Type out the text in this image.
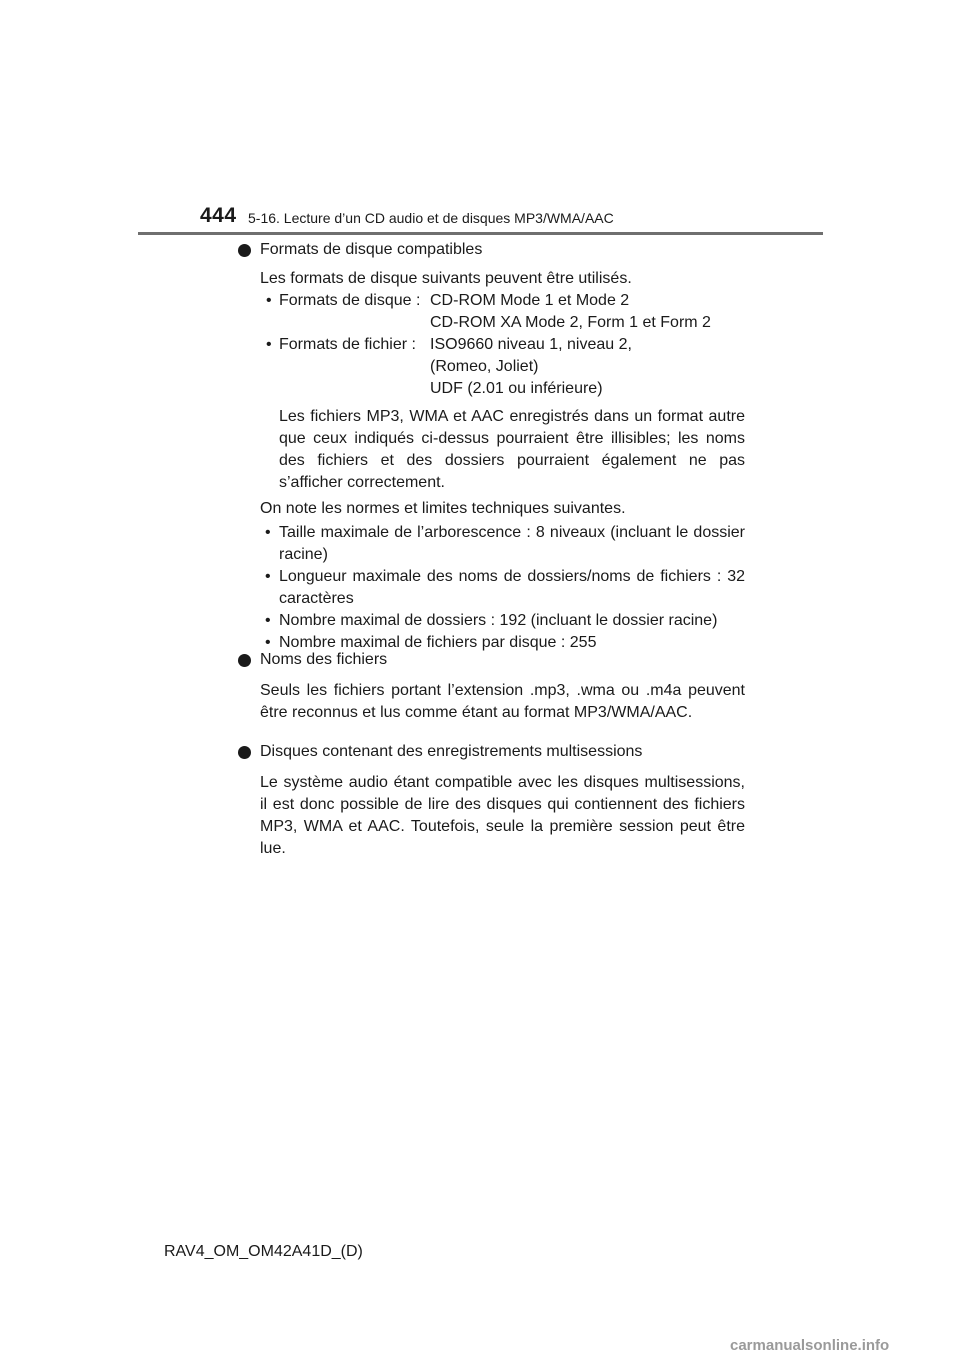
444 5-16. Lecture d’un CD audio et de disques MP3/WMA/AAC
Formats de disque compatibles
Les formats de disque suivants peuvent être utilisés.
• Formats de disque : CD-ROM Mode 1 et Mode 2
CD-ROM XA Mode 2, Form 1 et Form 2
• Formats de fichier : ISO9660 niveau 1, niveau 2,
(Romeo, Joliet)
UDF (2.01 ou inférieure)
Les fichiers MP3, WMA et AAC enregistrés dans un format autre que ceux indiqués ci-dessus pourraient être illisibles; les noms des fichiers et des dossiers pourraient également ne pas s’afficher correctement.
On note les normes et limites techniques suivantes.
• Taille maximale de l’arborescence : 8 niveaux (incluant le dossier racine)
• Longueur maximale des noms de dossiers/noms de fichiers : 32 caractères
• Nombre maximal de dossiers : 192 (incluant le dossier racine)
• Nombre maximal de fichiers par disque : 255
Noms des fichiers
Seuls les fichiers portant l’extension .mp3, .wma ou .m4a peuvent être reconnus et lus comme étant au format MP3/WMA/AAC.
Disques contenant des enregistrements multisessions
Le système audio étant compatible avec les disques multisessions, il est donc possible de lire des disques qui contiennent des fichiers MP3, WMA et AAC. Toutefois, seule la première session peut être lue.
RAV4_OM_OM42A41D_(D)
carmanualsonline.info
